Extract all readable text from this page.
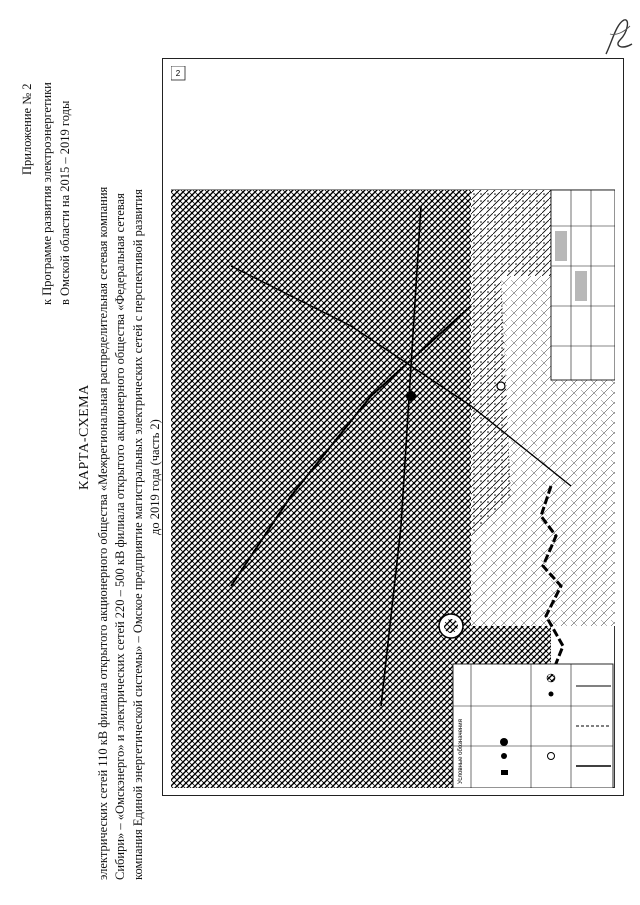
Приложение № 2 к Программе развития электроэнергетики в Омской области на 2015 – 2019 годы
КАРТА-СХЕМА электрических сетей 110 кВ филиала открытого акционерного общества «Межрегиональная распределительная сетевая компания Сибири» – «Омскэнерго» и электрических сетей 220 – 500 кВ филиала открытого акционерного общества «Федеральная сетевая компания Единой энергетической системы» – Омское предприятие магистральных электрических сетей с перспективой развития до 2019 года (часть 2)
2
Условные обозначения
